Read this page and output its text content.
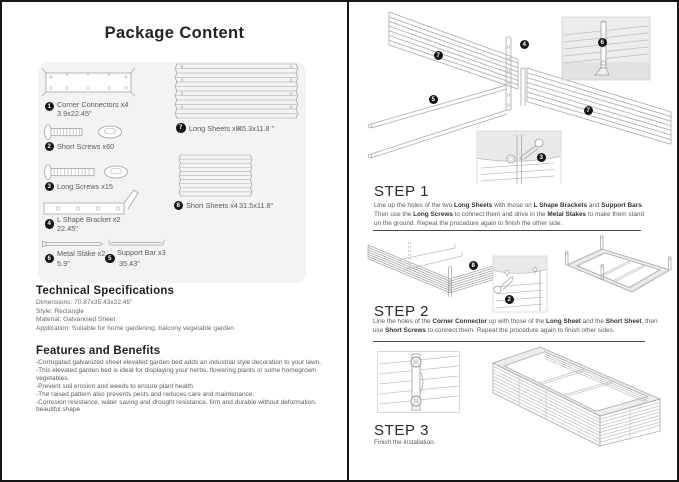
Package Content
1 Corner Connectors x4
3.9x22.45"
2 Short Screws x60
3 Long Screws x15
4 L Shape Bracket x2
22.45"
6 Metal Stake x2
5.9"
5
Support Bar x3
35.43"
7 Long Sheets x8
45.3x11.8 "
8 Short Sheets x4 31.5x11.8"
Technical Specifications
Dimensions: 70.87x35.43x22.45"
Style: Rectangle
Material: Galvanised Sheet
Application: Suitable for home gardening, balcony vegetable garden
Features and Benefits
-Corrugated galvanized sheet elevated garden bed adds an industrial style decoration to your lawn.
-This elevated garden bed is ideal for displaying your herbs, flowering plants or some homegrown vegetables.
-Prevent soil erosion and weeds to ensure plant health.
-The raised pattern also prevents pests and reduces care and maintenance.
-Corrosion resistance, water saving and drought resistance, firm and durable without deformation, beautiful shape
7
4
5
7
6
3
STEP 1
Line up the holes of the two Long Sheets with those on L Shape Brackets and Support Bars. Then use the Long Screws to connect them and drive in the Metal Stakes to make them stand on the ground. Repeat the procedure again to finish the other side.
8
2
STEP 2
Line the holes of the Corner Connector up with those of the Long Sheet and the Short Sheet, then use Short Screws to connect them. Repeat the procedure again to finish other sides.
STEP 3
Finish the installation.
